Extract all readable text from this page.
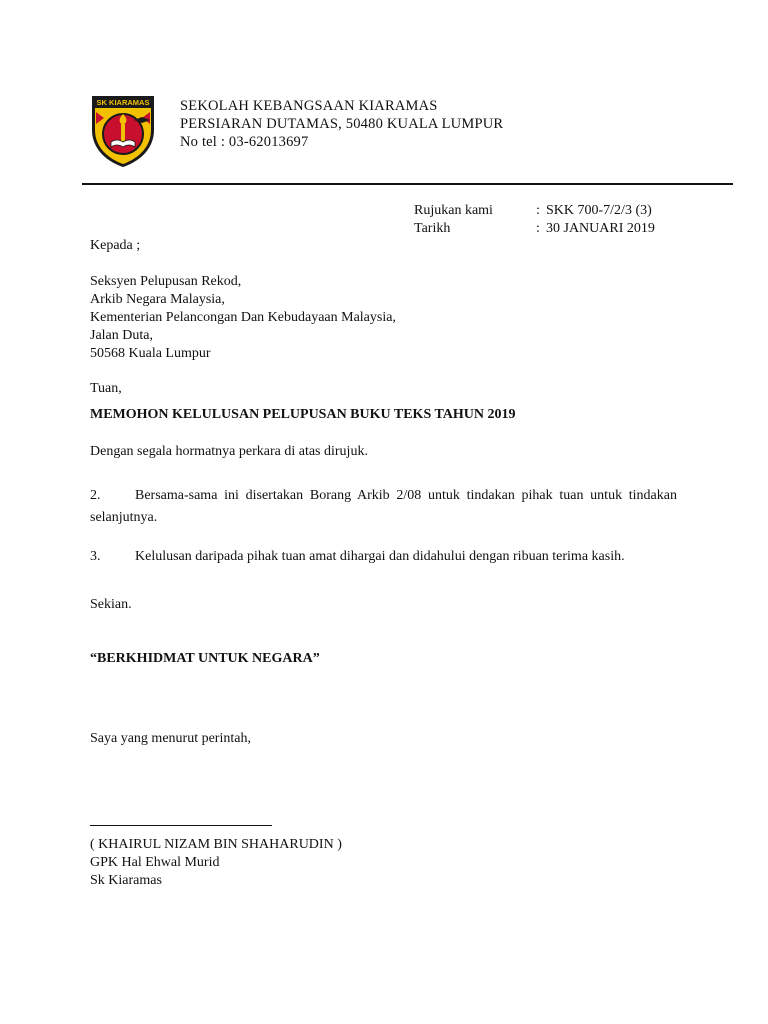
SK KIARAMAS SEKOLAH KEBANGSAAN KIARAMAS
PERSIARAN DUTAMAS, 50480 KUALA LUMPUR
No tel : 03-62013697
Rujukan kami	: SKK 700-7/2/3 (3)
Tarikh	: 30 JANUARI 2019
Kepada ;
Seksyen Pelupusan Rekod,
Arkib Negara Malaysia,
Kementerian Pelancongan Dan Kebudayaan Malaysia,
Jalan Duta,
50568 Kuala Lumpur
Tuan,
MEMOHON KELULUSAN PELUPUSAN BUKU TEKS TAHUN 2019
Dengan segala hormatnya perkara di atas dirujuk.
2. Bersama-sama ini disertakan Borang Arkib 2/08 untuk tindakan pihak tuan untuk tindakan selanjutnya.
3. Kelulusan daripada pihak tuan amat dihargai dan didahului dengan ribuan terima kasih.
Sekian.
“BERKHIDMAT UNTUK NEGARA”
Saya yang menurut perintah,
( KHAIRUL NIZAM BIN SHAHARUDIN )
GPK Hal Ehwal Murid
Sk Kiaramas
